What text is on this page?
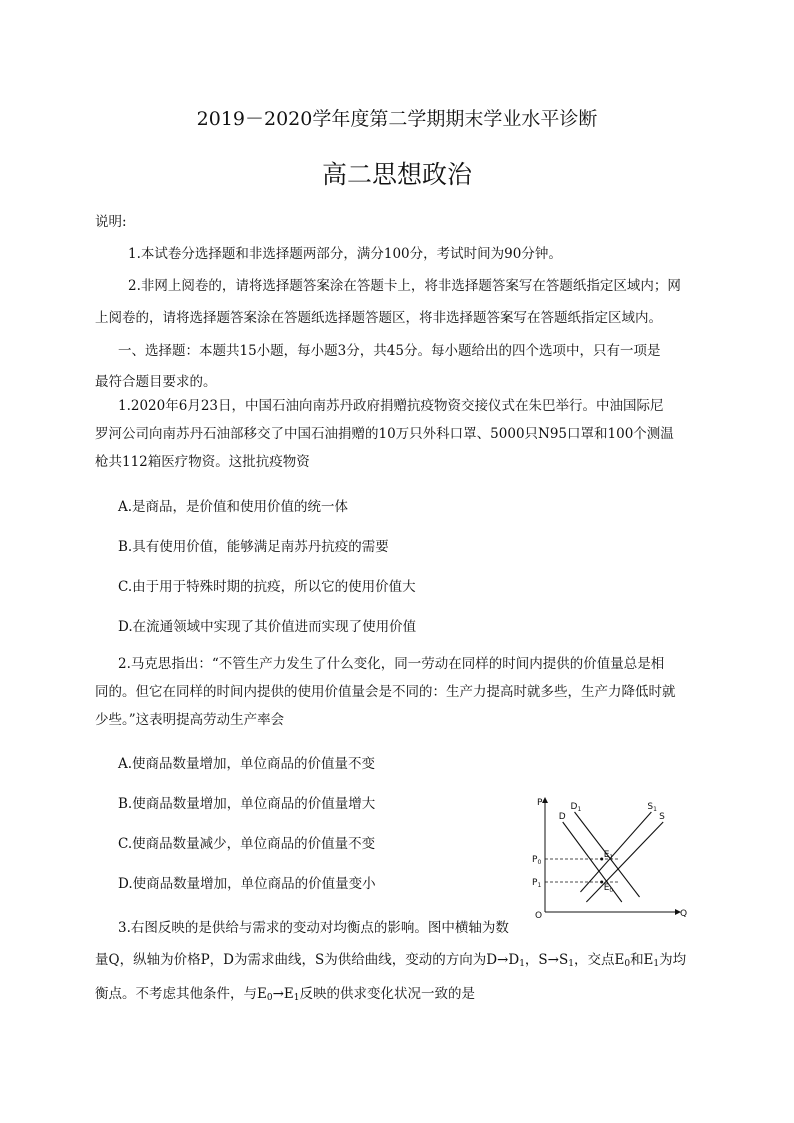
2019－2020学年度第二学期期末学业水平诊断
高二思想政治
说明:
1.本试卷分选择题和非选择题两部分，满分100分，考试时间为90分钟。
2.非网上阅卷的，请将选择题答案涂在答题卡上，将非选择题答案写在答题纸指定区域内；网
上阅卷的，请将选择题答案涂在答题纸选择题答题区，将非选择题答案写在答题纸指定区域内。
一、选择题：本题共15小题，每小题3分，共45分。每小题给出的四个选项中，只有一项是
最符合题目要求的。
1.2020年6月23日，中国石油向南苏丹政府捐赠抗疫物资交接仪式在朱巴举行。中油国际尼
罗河公司向南苏丹石油部移交了中国石油捐赠的10万只外科口罩、5000只N95口罩和100个测温
枪共112箱医疗物资。这批抗疫物资
A.是商品，是价值和使用价值的统一体
B.具有使用价值，能够满足南苏丹抗疫的需要
C.由于用于特殊时期的抗疫，所以它的使用价值大
D.在流通领域中实现了其价值进而实现了使用价值
2.马克思指出：“不管生产力发生了什么变化，同一劳动在同样的时间内提供的价值量总是相
同的。但它在同样的时间内提供的使用价值量会是不同的：生产力提高时就多些，生产力降低时就
少些。”这表明提高劳动生产率会
A.使商品数量增加，单位商品的价值量不变
B.使商品数量增加，单位商品的价值量增大
C.使商品数量减少，单位商品的价值量不变
D.使商品数量增加，单位商品的价值量变小
3.右图反映的是供给与需求的变动对均衡点的影响。图中横轴为数
量Q，纵轴为价格P，D为需求曲线，S为供给曲线，变动的方向为$D\to D_1$，$S\to S_1$，交点$E_0$和$E_1$为均
衡点。不考虑其他条件，与$E_0\to E_1$反映的供求变化状况一致的是
P
Q
O
D
$D_1$
S
$S_1$
$P_1$	$E_0$
$P_0$
$E_1$
